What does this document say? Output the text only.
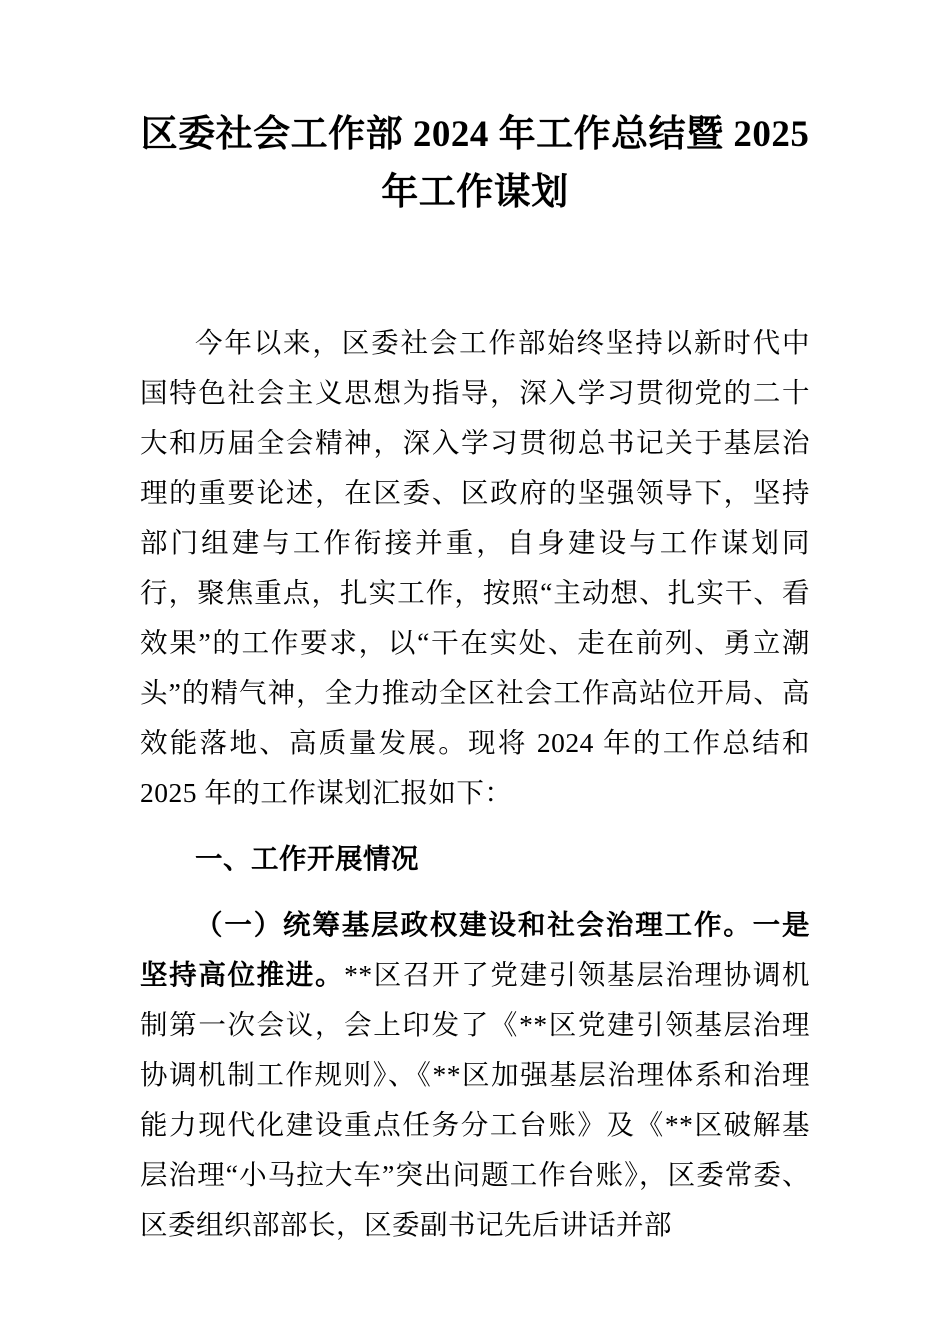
区委社会工作部 2024 年工作总结暨 2025 年工作谋划

今年以来，区委社会工作部始终坚持以新时代中国特色社会主义思想为指导，深入学习贯彻党的二十大和历届全会精神，深入学习贯彻总书记关于基层治理的重要论述，在区委、区政府的坚强领导下，坚持部门组建与工作衔接并重，自身建设与工作谋划同行，聚焦重点，扎实工作，按照“主动想、扎实干、看效果”的工作要求，以“干在实处、走在前列、勇立潮头”的精气神，全力推动全区社会工作高站位开局、高效能落地、高质量发展。现将 2024 年的工作总结和 2025 年的工作谋划汇报如下：

一、工作开展情况

（一）统筹基层政权建设和社会治理工作。一是坚持高位推进。**区召开了党建引领基层治理协调机制第一次会议，会上印发了《**区党建引领基层治理协调机制工作规则》、《**区加强基层治理体系和治理能力现代化建设重点任务分工台账》及《**区破解基层治理“小马拉大车”突出问题工作台账》，区委常委、区委组织部部长，区委副书记先后讲话并部
